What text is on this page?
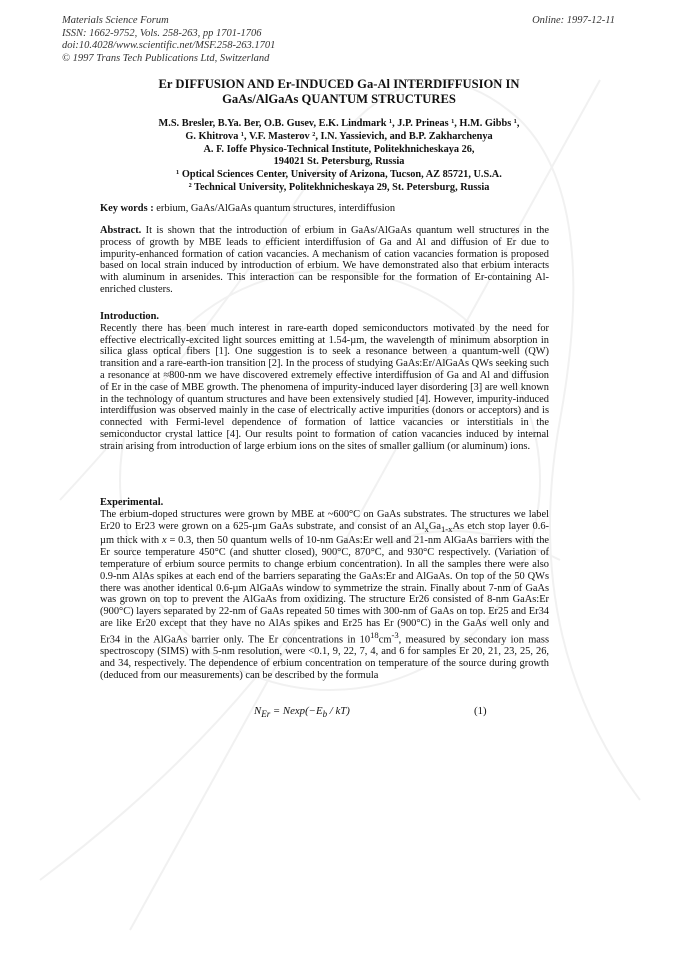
Materials Science Forum
ISSN: 1662-9752, Vols. 258-263, pp 1701-1706
doi:10.4028/www.scientific.net/MSF.258-263.1701
© 1997 Trans Tech Publications Ltd, Switzerland
Online: 1997-12-11
Er DIFFUSION AND Er-INDUCED Ga-Al INTERDIFFUSION IN
GaAs/AlGaAs QUANTUM STRUCTURES
M.S. Bresler, B.Ya. Ber, O.B. Gusev, E.K. Lindmark ¹, J.P. Prineas ¹, H.M. Gibbs ¹,
G. Khitrova ¹, V.F. Masterov ², I.N. Yassievich, and B.P. Zakharchenya
A. F. Ioffe Physico-Technical Institute, Politekhnicheskaya 26,
194021 St. Petersburg, Russia
¹ Optical Sciences Center, University of Arizona, Tucson, AZ 85721, U.S.A.
² Technical University, Politekhnicheskaya 29, St. Petersburg, Russia
Key words : erbium, GaAs/AlGaAs quantum structures, interdiffusion
Abstract. It is shown that the introduction of erbium in GaAs/AlGaAs quantum well structures in the process of growth by MBE leads to efficient interdiffusion of Ga and Al and diffusion of Er due to impurity-enhanced formation of cation vacancies. A mechanism of cation vacancies formation is proposed based on local strain induced by introduction of erbium. We have demonstrated also that erbium interacts with aluminum in arsenides. This interaction can be responsible for the formation of Er-containing Al-enriched clusters.
Introduction.
Recently there has been much interest in rare-earth doped semiconductors motivated by the need for effective electrically-excited light sources emitting at 1.54-µm, the wavelength of minimum absorption in silica glass optical fibers [1]. One suggestion is to seek a resonance between a quantum-well (QW) transition and a rare-earth-ion transition [2]. In the process of studying GaAs:Er/AlGaAs QWs seeking such a resonance at ≈800-nm we have discovered extremely effective interdiffusion of Ga and Al and diffusion of Er in the case of MBE growth. The phenomena of impurity-induced layer disordering [3] are well known in the technology of quantum structures and have been extensively studied [4]. However, impurity-induced interdiffusion was observed mainly in the case of electrically active impurities (donors or acceptors) and is connected with Fermi-level dependence of formation of lattice vacancies or interstitials in the semiconductor crystal lattice [4]. Our results point to formation of cation vacancies induced by internal strain arising from introduction of large erbium ions on the sites of smaller gallium (or aluminum) ions.
Experimental.
The erbium-doped structures were grown by MBE at ~600°C on GaAs substrates. The structures we label Er20 to Er23 were grown on a 625-µm GaAs substrate, and consist of an $Al_xGa_{1-x}As$ etch stop layer 0.6-µm thick with x = 0.3, then 50 quantum wells of 10-nm GaAs:Er well and 21-nm AlGaAs barriers with the Er source temperature 450°C (and shutter closed), 900°C, 870°C, and 930°C respectively. (Variation of temperature of erbium source permits to change erbium concentration). In all the samples there were also 0.9-nm AlAs spikes at each end of the barriers separating the GaAs:Er and AlGaAs. On top of the 50 QWs there was another identical 0.6-µm AlGaAs window to symmetrize the strain. Finally about 7-nm of GaAs was grown on top to prevent the AlGaAs from oxidizing. The structure Er26 consisted of 8-nm GaAs:Er (900°C) layers separated by 22-nm of GaAs repeated 50 times with 300-nm of GaAs on top. Er25 and Er34 are like Er20 except that they have no AlAs spikes and Er25 has Er (900°C) in the GaAs well only and Er34 in the AlGaAs barrier only. The Er concentrations in $10^{18}cm^{-3}$, measured by secondary ion mass spectroscopy (SIMS) with 5-nm resolution, were <0.1, 9, 22, 7, 4, and 6 for samples Er 20, 21, 23, 25, 26, and 34, respectively. The dependence of erbium concentration on temperature of the source during growth (deduced from our measurements) can be described by the formula
$N_{Er} = Nexp(-E_b / kT)$	(1)
